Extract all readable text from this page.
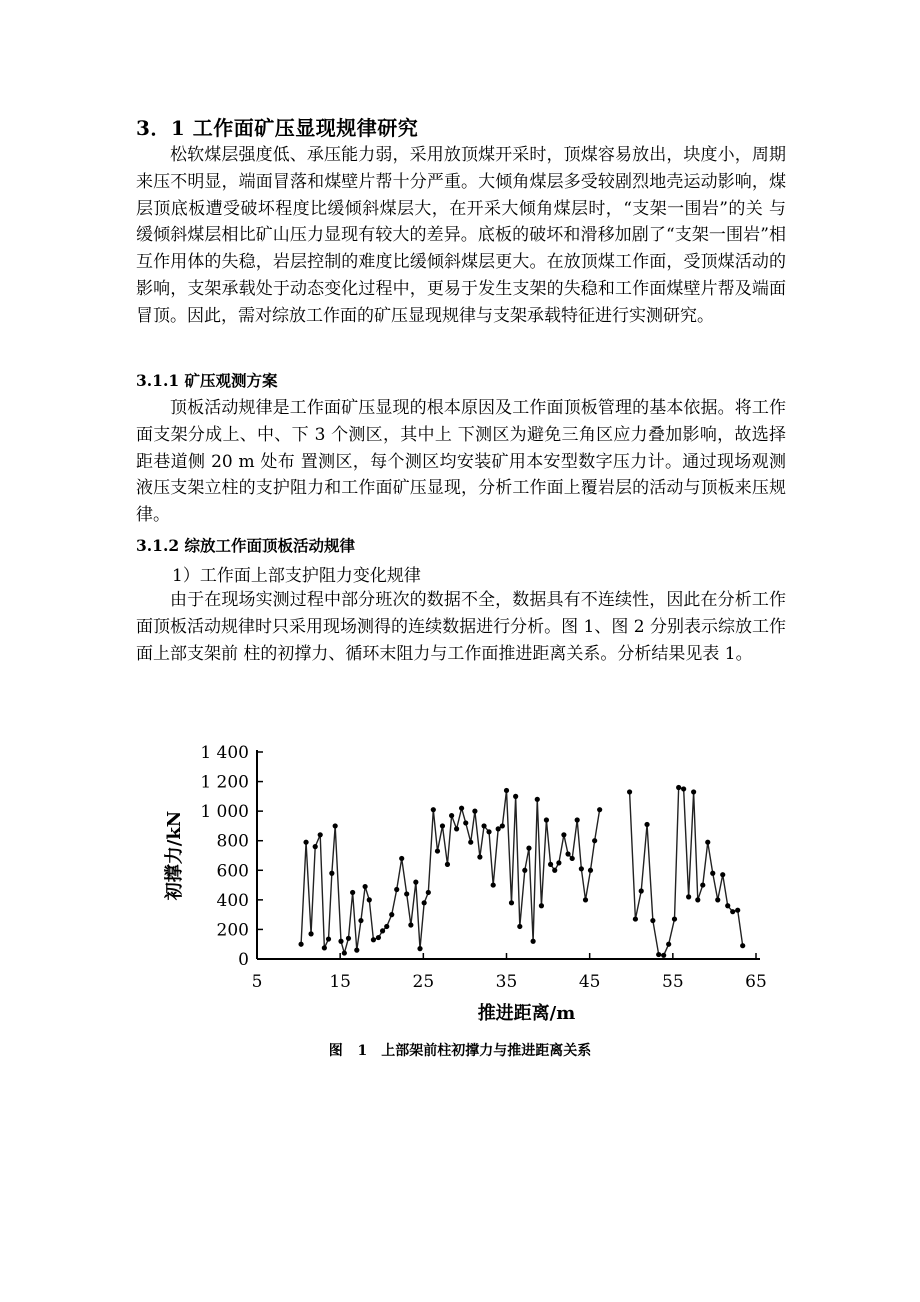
3．1 工作面矿压显现规律研究

松软煤层强度低、承压能力弱，采用放顶煤开采时，顶煤容易放出，块度小，周期来压不明显，端面冒落和煤壁片帮十分严重。大倾角煤层多受较剧烈地壳运动影响，煤层顶底板遭受破坏程度比缓倾斜煤层大，在开采大倾角煤层时，“支架一围岩”的关 与缓倾斜煤层相比矿山压力显现有较大的差异。底板的破坏和滑移加剧了“支架一围岩”相互作用体的失稳，岩层控制的难度比缓倾斜煤层更大。在放顶煤工作面，受顶煤活动的影响，支架承载处于动态变化过程中，更易于发生支架的失稳和工作面煤壁片帮及端面冒顶。因此，需对综放工作面的矿压显现规律与支架承载特征进行实测研究。

3.1.1 矿压观测方案

顶板活动规律是工作面矿压显现的根本原因及工作面顶板管理的基本依据。将工作面支架分成上、中、下 3 个测区，其中上 下测区为避免三角区应力叠加影响，故选择距巷道侧 20 m 处布 置测区，每个测区均安装矿用本安型数字压力计。通过现场观测 液压支架立柱的支护阻力和工作面矿压显现，分析工作面上覆岩层的活动与顶板来压规律。

3.1.2 综放工作面顶板活动规律
1）工作面上部支护阻力变化规律

由于在现场实测过程中部分班次的数据不全，数据具有不连续性，因此在分析工作面顶板活动规律时只采用现场测得的连续数据进行分析。图 1、图 2 分别表示综放工作面上部支架前 柱的初撑力、循环末阻力与工作面推进距离关系。分析结果见表 1。

0
200
400
600
800
1 000
1 200
1 400
5	15	25	35	45	55	65
推进距离/m
初撑力/kN
图 1　上部架前柱初撑力与推进距离关系
